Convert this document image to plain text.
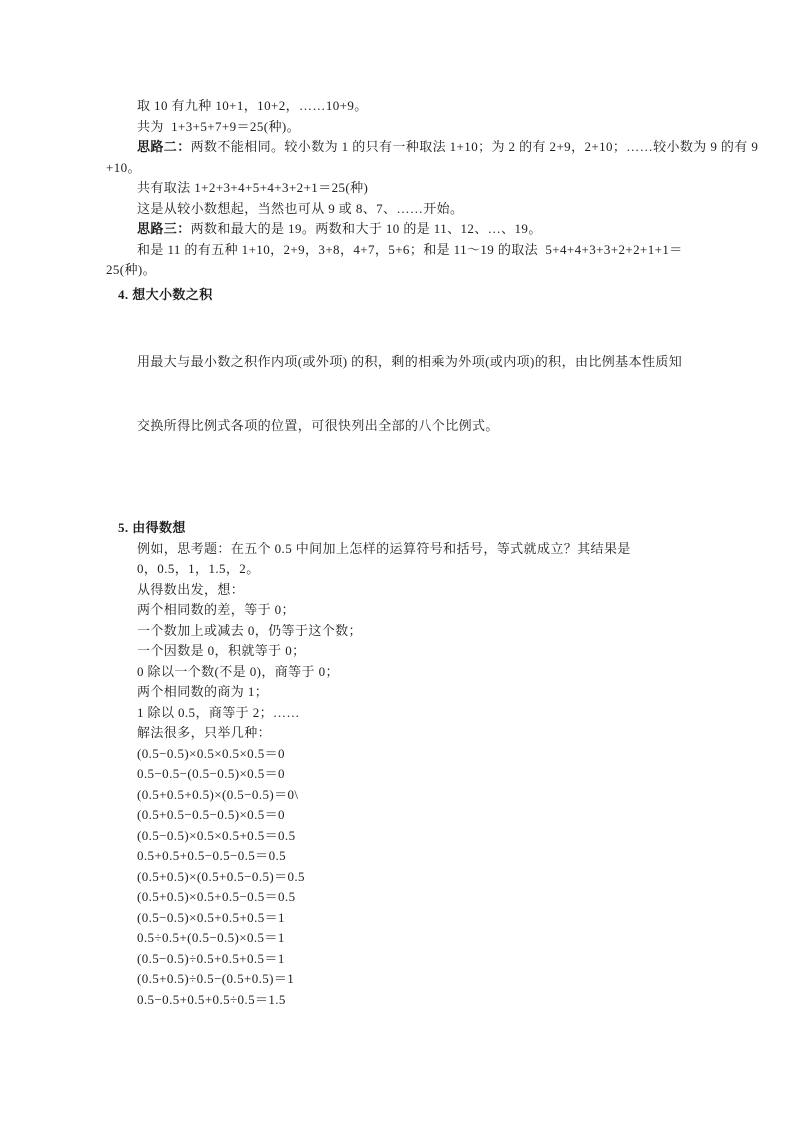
取 10 有九种 10+1，10+2，……10+9。

共为  1+3+5+7+9＝25(种)。

思路二：两数不能相同。较小数为 1 的只有一种取法 1+10；为 2 的有 2+9，2+10；……较小数为 9 的有 9

+10。

共有取法 1+2+3+4+5+4+3+2+1＝25(种)

这是从较小数想起，当然也可从 9 或 8、7、……开始。

思路三：两数和最大的是 19。两数和大于 10 的是 11、12、…、19。

和是 11 的有五种 1+10，2+9，3+8，4+7，5+6；和是 11～19 的取法  5+4+4+3+3+2+2+1+1＝

25(种)。

4. 想大小数之积

用最大与最小数之积作内项(或外项) 的积，剩的相乘为外项(或内项)的积，由比例基本性质知

交换所得比例式各项的位置，可很快列出全部的八个比例式。

5. 由得数想

例如，思考题：在五个 0.5 中间加上怎样的运算符号和括号，等式就成立？其结果是

0，0.5，1，1.5，2。

从得数出发，想：

两个相同数的差，等于 0；

一个数加上或减去 0，仍等于这个数；

一个因数是 0，积就等于 0；

0 除以一个数(不是 0)，商等于 0；

两个相同数的商为 1；

1 除以 0.5，商等于 2；……

解法很多，只举几种：

(0.5−0.5)×0.5×0.5×0.5＝0

0.5−0.5−(0.5−0.5)×0.5＝0

(0.5+0.5+0.5)×(0.5−0.5)＝0\

(0.5+0.5−0.5−0.5)×0.5＝0

(0.5−0.5)×0.5×0.5+0.5＝0.5

0.5+0.5+0.5−0.5−0.5＝0.5

(0.5+0.5)×(0.5+0.5−0.5)＝0.5

(0.5+0.5)×0.5+0.5−0.5＝0.5

(0.5−0.5)×0.5+0.5+0.5＝1

0.5÷0.5+(0.5−0.5)×0.5＝1

(0.5−0.5)÷0.5+0.5+0.5＝1

(0.5+0.5)÷0.5−(0.5+0.5)＝1

0.5−0.5+0.5+0.5÷0.5＝1.5
